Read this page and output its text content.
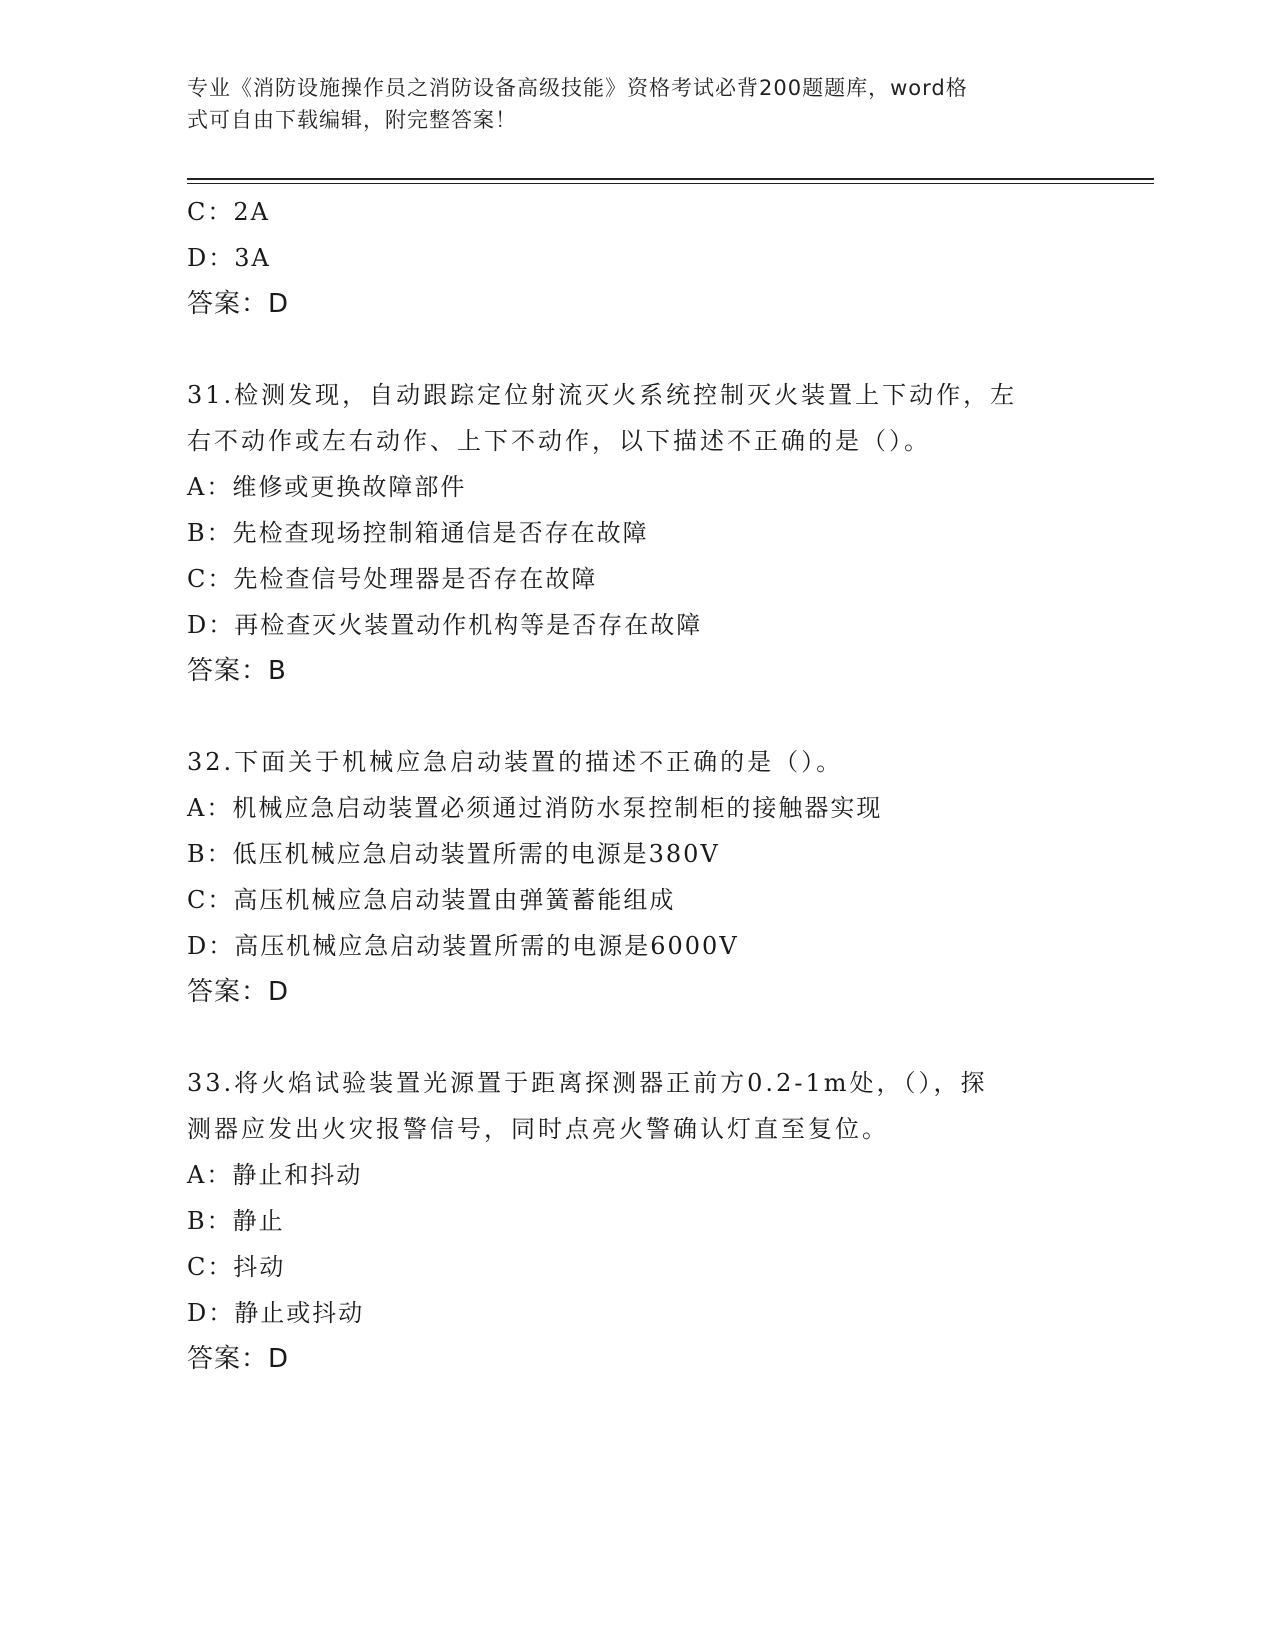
专业《消防设施操作员之消防设备高级技能》资格考试必背200题题库，word格
式可自由下载编辑，附完整答案！
C：2A
D：3A
答案：D
31.检测发现，自动跟踪定位射流灭火系统控制灭火装置上下动作，左
右不动作或左右动作、上下不动作，以下描述不正确的是（）。
A：维修或更换故障部件
B：先检查现场控制箱通信是否存在故障
C：先检查信号处理器是否存在故障
D：再检查灭火装置动作机构等是否存在故障
答案：B
32.下面关于机械应急启动装置的描述不正确的是（）。
A：机械应急启动装置必须通过消防水泵控制柜的接触器实现
B：低压机械应急启动装置所需的电源是380V
C：高压机械应急启动装置由弹簧蓄能组成
D：高压机械应急启动装置所需的电源是6000V
答案：D
33.将火焰试验装置光源置于距离探测器正前方0.2-1m处，（），探
测器应发出火灾报警信号，同时点亮火警确认灯直至复位。
A：静止和抖动
B：静止
C：抖动
D：静止或抖动
答案：D
